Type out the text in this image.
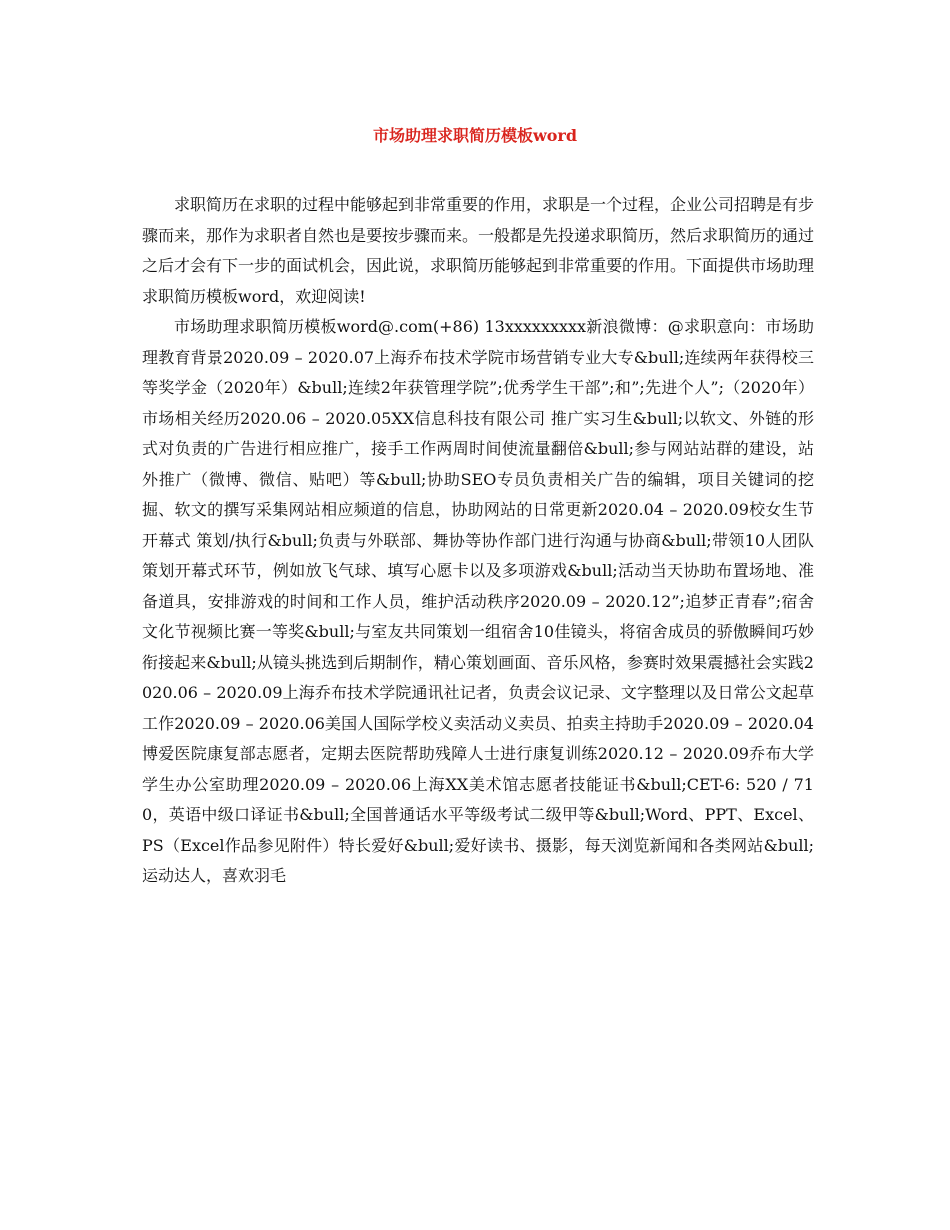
市场助理求职简历模板word

求职简历在求职的过程中能够起到非常重要的作用，求职是一个过程，企业公司招聘是有步骤而来，那作为求职者自然也是要按步骤而来。一般都是先投递求职简历，然后求职简历的通过之后才会有下一步的面试机会，因此说，求职简历能够起到非常重要的作用。下面提供市场助理求职简历模板word，欢迎阅读!

市场助理求职简历模板word@.com(+86) 13xxxxxxxxx新浪微博：@求职意向：市场助理教育背景2020.09 – 2020.07上海乔布技术学院市场营销专业大专&bull;连续两年获得校三等奖学金（2020年）&bull;连续2年获管理学院”;优秀学生干部”;和”;先进个人”;（2020年）市场相关经历2020.06 – 2020.05XX信息科技有限公司 推广实习生&bull;以软文、外链的形式对负责的广告进行相应推广，接手工作两周时间使流量翻倍&bull;参与网站站群的建设，站外推广（微博、微信、贴吧）等&bull;协助SEO专员负责相关广告的编辑，项目关键词的挖掘、软文的撰写采集网站相应频道的信息，协助网站的日常更新2020.04 – 2020.09校女生节开幕式 策划/执行&bull;负责与外联部、舞协等协作部门进行沟通与协商&bull;带领10人团队策划开幕式环节，例如放飞气球、填写心愿卡以及多项游戏&bull;活动当天协助布置场地、准备道具，安排游戏的时间和工作人员，维护活动秩序2020.09 – 2020.12”;追梦正青春”;宿舍文化节视频比赛一等奖&bull;与室友共同策划一组宿舍10佳镜头，将宿舍成员的骄傲瞬间巧妙衔接起来&bull;从镜头挑选到后期制作，精心策划画面、音乐风格，参赛时效果震撼社会实践2020.06 – 2020.09上海乔布技术学院通讯社记者，负责会议记录、文字整理以及日常公文起草工作2020.09 – 2020.06美国人国际学校义卖活动义卖员、拍卖主持助手2020.09 – 2020.04博爱医院康复部志愿者，定期去医院帮助残障人士进行康复训练2020.12 – 2020.09乔布大学学生办公室助理2020.09 – 2020.06上海XX美术馆志愿者技能证书&bull;CET-6: 520 / 710，英语中级口译证书&bull;全国普通话水平等级考试二级甲等&bull;Word、PPT、Excel、PS（Excel作品参见附件）特长爱好&bull;爱好读书、摄影，每天浏览新闻和各类网站&bull;运动达人，喜欢羽毛
